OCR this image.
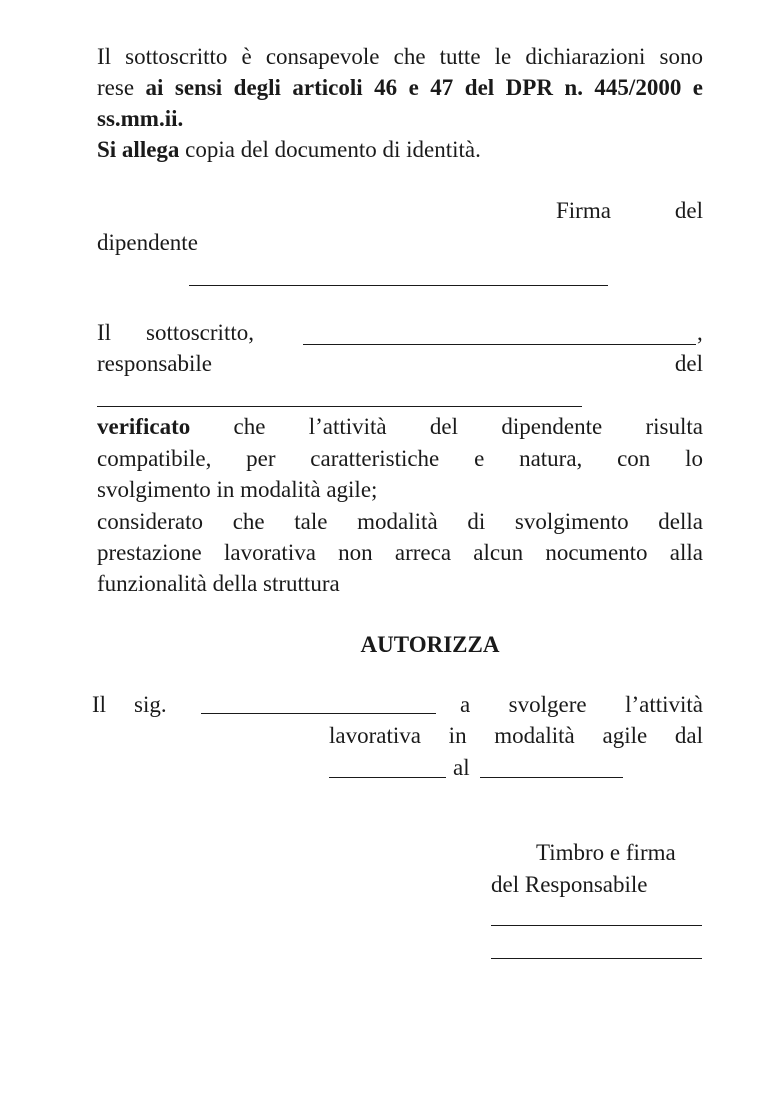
Il sottoscritto è consapevole che tutte le dichiarazioni sono
rese ai sensi degli articoli 46 e 47 del DPR n. 445/2000 e
ss.mm.ii.
Si allega copia del documento di identità.
Firma	del
dipendente
Il sottoscritto,	,
responsabile	del
verificato che l’attività del dipendente risulta
compatibile, per caratteristiche e natura, con lo
svolgimento in modalità agile;
considerato che tale modalità di svolgimento della
prestazione lavorativa non arreca alcun nocumento alla
funzionalità della struttura
AUTORIZZA
Il sig.	a svolgere l’attività
lavorativa in modalità agile dal
al
Timbro e firma
del Responsabile
